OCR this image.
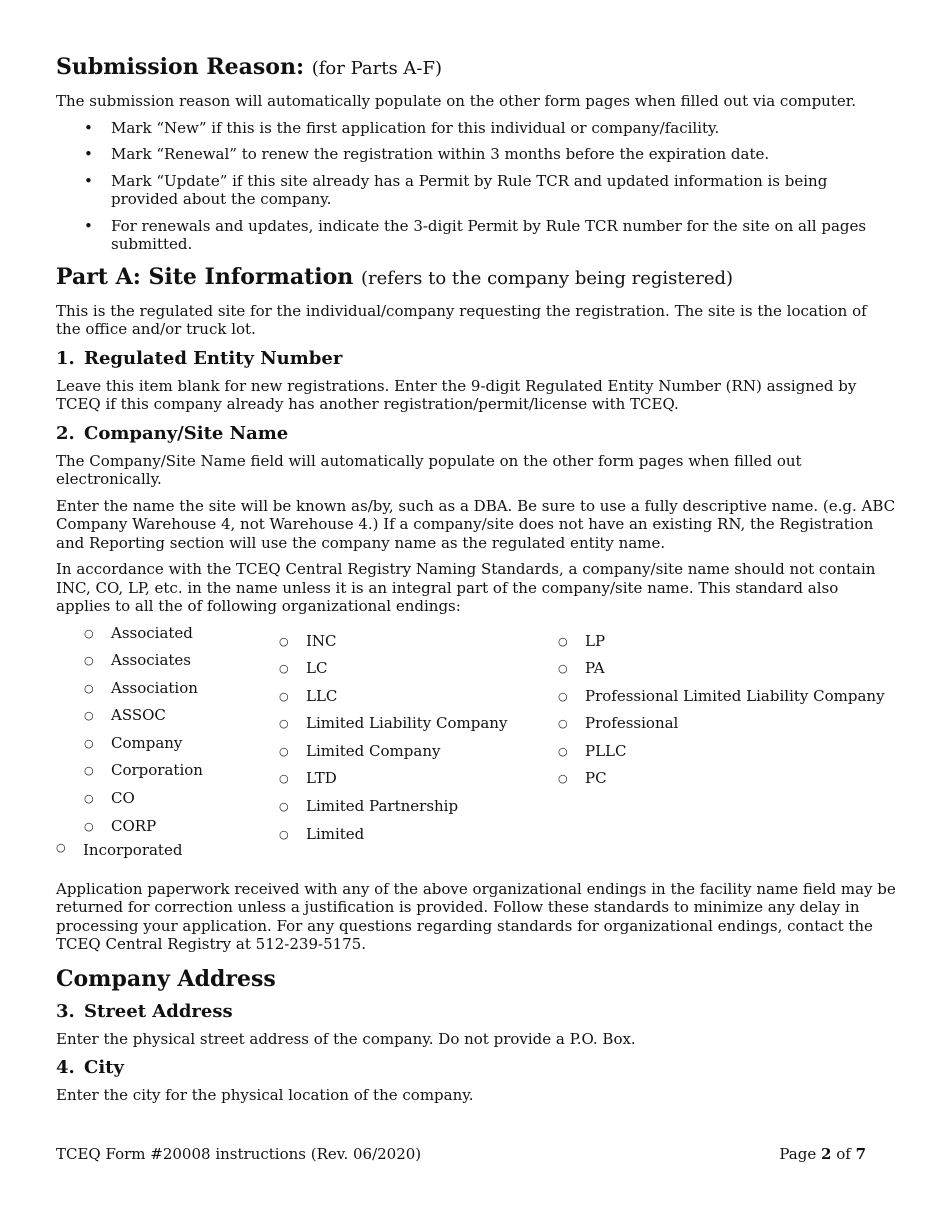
Submission Reason: (for Parts A-F)

The submission reason will automatically populate on the other form pages when filled out via computer.

• Mark “New” if this is the first application for this individual or company/facility.
• Mark “Renewal” to renew the registration within 3 months before the expiration date.
• Mark “Update” if this site already has a Permit by Rule TCR and updated information is being provided about the company.
• For renewals and updates, indicate the 3-digit Permit by Rule TCR number for the site on all pages submitted.
Part A: Site Information (refers to the company being registered)

This is the regulated site for the individual/company requesting the registration. The site is the location of the office and/or truck lot.

1. Regulated Entity Number

Leave this item blank for new registrations. Enter the 9-digit Regulated Entity Number (RN) assigned by TCEQ if this company already has another registration/permit/license with TCEQ.

2. Company/Site Name

The Company/Site Name field will automatically populate on the other form pages when filled out electronically.

Enter the name the site will be known as/by, such as a DBA. Be sure to use a fully descriptive name. (e.g. ABC Company Warehouse 4, not Warehouse 4.) If a company/site does not have an existing RN, the Registration and Reporting section will use the company name as the regulated entity name.

In accordance with the TCEQ Central Registry Naming Standards, a company/site name should not contain INC, CO, LP, etc. in the name unless it is an integral part of the company/site name. This standard also applies to all the of following organizational endings:

○ Associated
○ Associates
○ Association
○ ASSOC
○ Company
○ Corporation
○ CO
○ CORP
○ Incorporated
○ INC
○ LC
○ LLC
○ Limited Liability Company
○ Limited Company
○ LTD
○ Limited Partnership
○ Limited
○ LP
○ PA
○ Professional Limited Liability Company
○ Professional
○ PLLC
○ PC

Application paperwork received with any of the above organizational endings in the facility name field may be returned for correction unless a justification is provided. Follow these standards to minimize any delay in processing your application. For any questions regarding standards for organizational endings, contact the TCEQ Central Registry at 512-239-5175.

Company Address
3. Street Address

Enter the physical street address of the company. Do not provide a P.O. Box.

4. City

Enter the city for the physical location of the company.

TCEQ Form #20008 instructions (Rev. 06/2020)	Page 2 of 7
